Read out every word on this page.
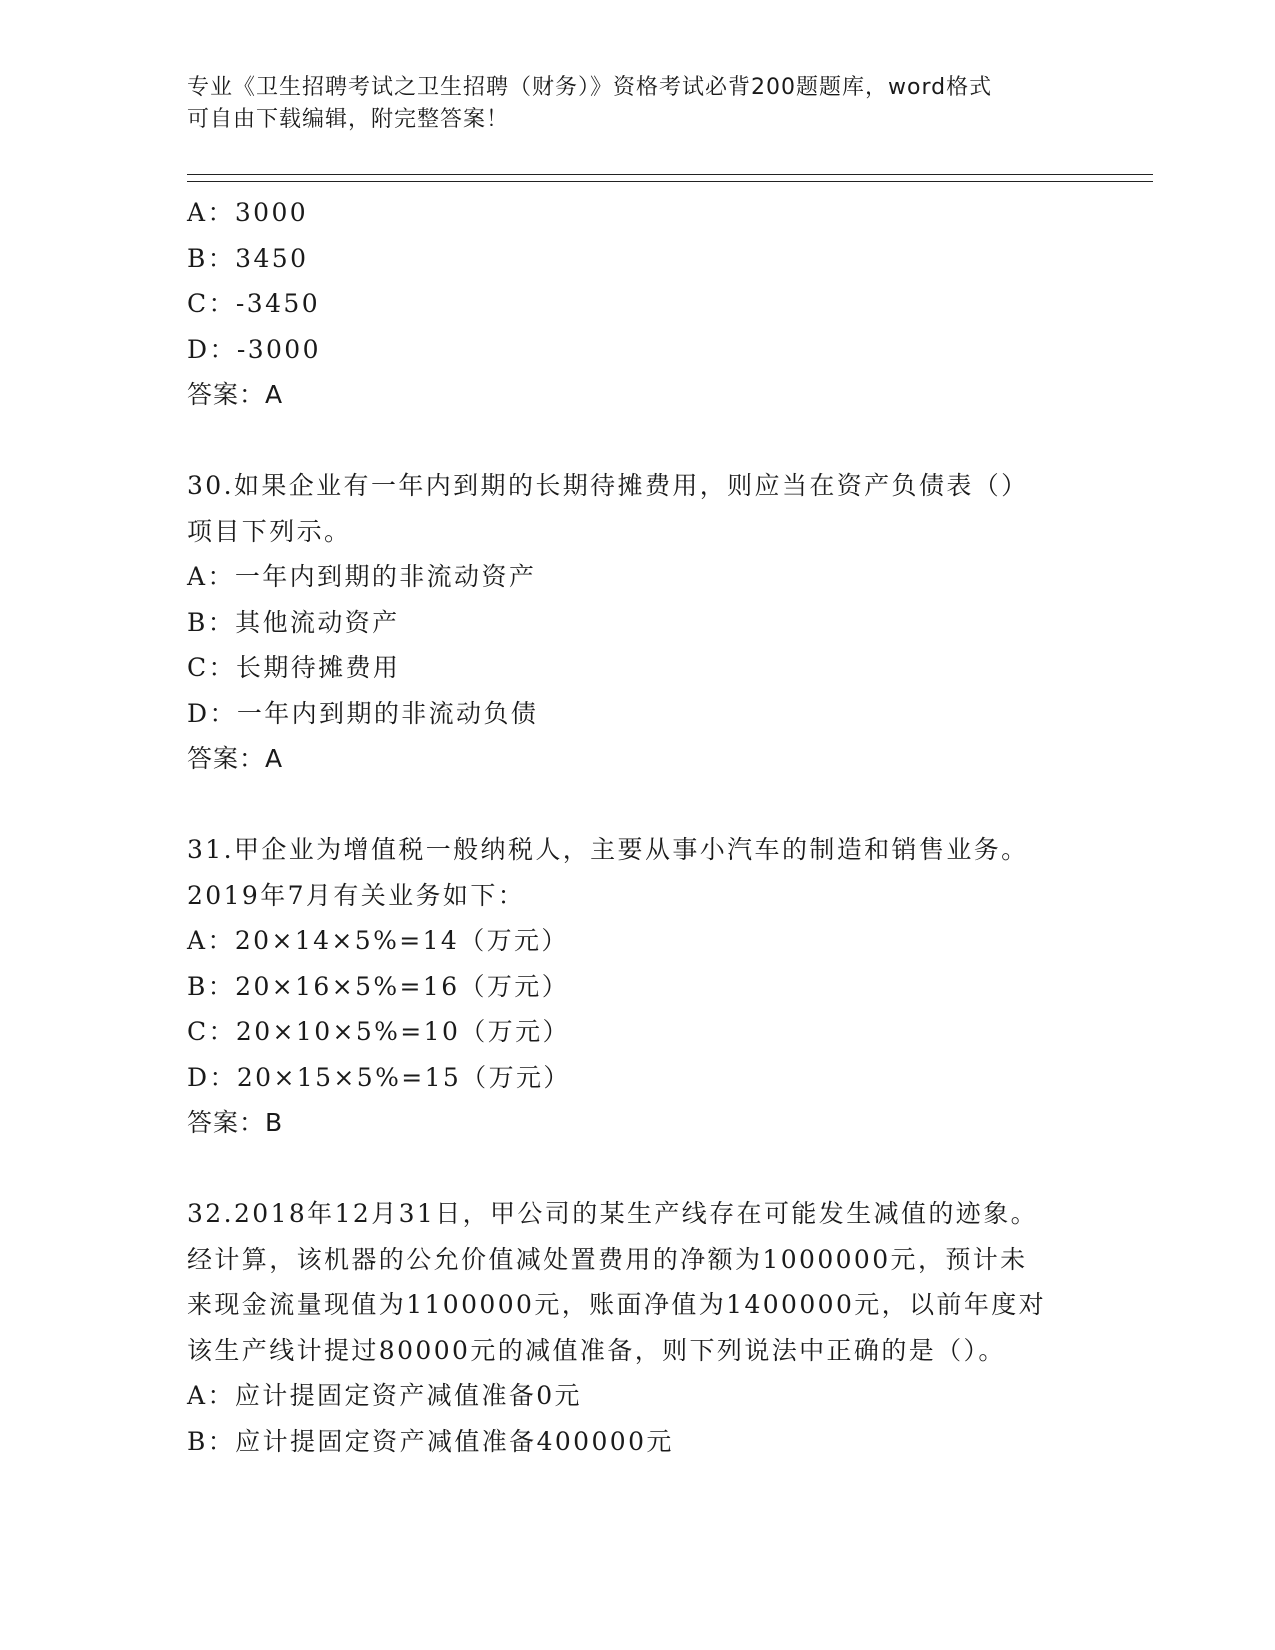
专业《卫生招聘考试之卫生招聘（财务）》资格考试必背200题题库，word格式
可自由下载编辑，附完整答案！
A：3000
B：3450
C：-3450
D：-3000
答案：A
30.如果企业有一年内到期的长期待摊费用，则应当在资产负债表（）
项目下列示。
A：一年内到期的非流动资产
B：其他流动资产
C：长期待摊费用
D：一年内到期的非流动负债
答案：A
31.甲企业为增值税一般纳税人，主要从事小汽车的制造和销售业务。
2019年7月有关业务如下：
A：20×14×5%=14（万元）
B：20×16×5%=16（万元）
C：20×10×5%=10（万元）
D：20×15×5%=15（万元）
答案：B
32.2018年12月31日，甲公司的某生产线存在可能发生减值的迹象。
经计算，该机器的公允价值减处置费用的净额为1000000元，预计未
来现金流量现值为1100000元，账面净值为1400000元，以前年度对
该生产线计提过80000元的减值准备，则下列说法中正确的是（）。
A：应计提固定资产减值准备0元
B：应计提固定资产减值准备400000元
